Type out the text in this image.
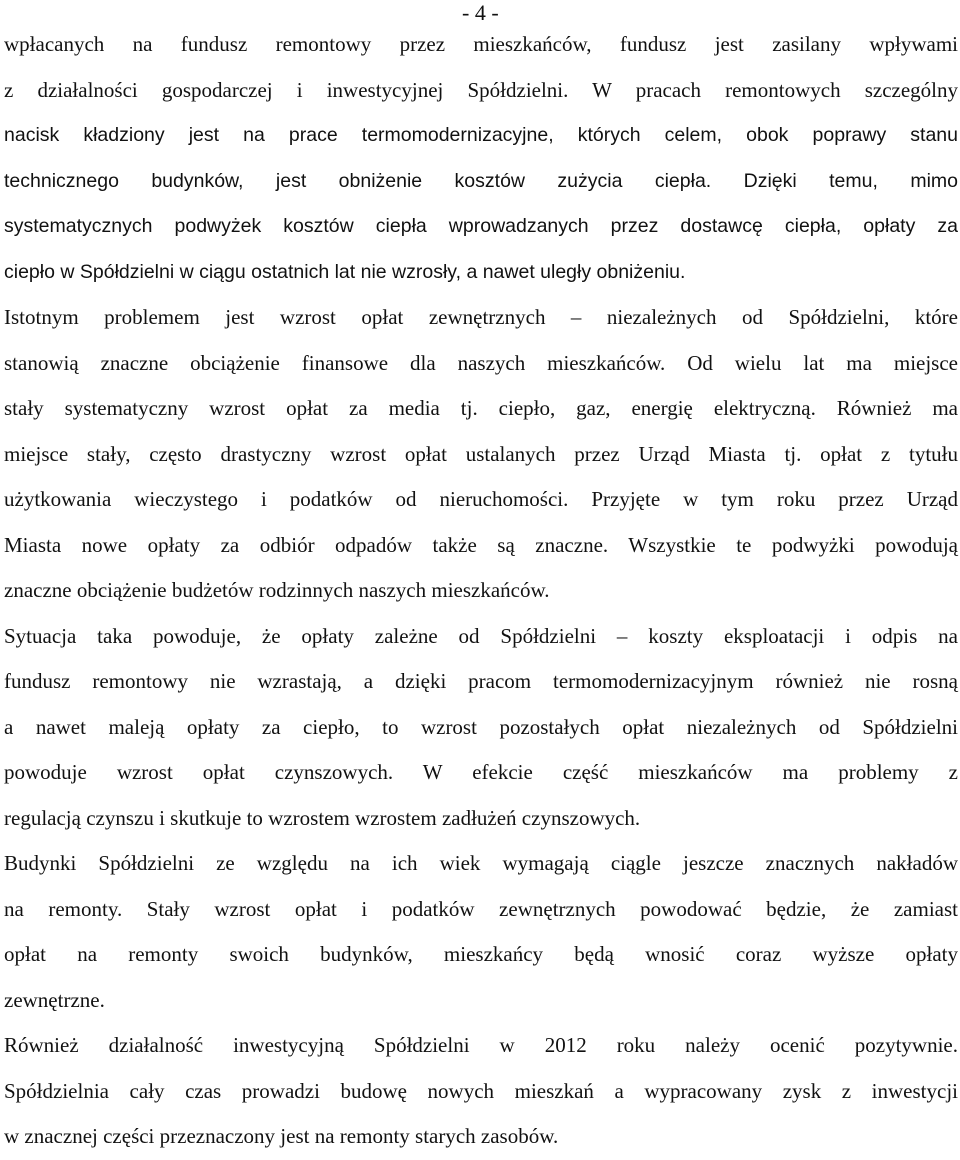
- 4 -
wpłacanych na fundusz remontowy przez mieszkańców, fundusz jest zasilany wpływami
z działalności gospodarczej i inwestycyjnej Spółdzielni. W pracach remontowych szczególny
nacisk kładziony jest na prace termomodernizacyjne, których celem, obok poprawy stanu
technicznego budynków, jest obniżenie kosztów zużycia ciepła. Dzięki temu, mimo
systematycznych podwyżek kosztów ciepła wprowadzanych przez dostawcę ciepła, opłaty za
ciepło w Spółdzielni w ciągu ostatnich lat nie wzrosły, a nawet uległy obniżeniu.
Istotnym problemem jest wzrost opłat zewnętrznych – niezależnych od Spółdzielni, które
stanowią znaczne obciążenie finansowe dla naszych mieszkańców. Od wielu lat ma miejsce
stały systematyczny wzrost opłat za media tj. ciepło, gaz, energię elektryczną. Również ma
miejsce stały, często drastyczny wzrost opłat ustalanych przez Urząd Miasta tj. opłat z tytułu
użytkowania wieczystego i podatków od nieruchomości. Przyjęte w tym roku przez Urząd
Miasta nowe opłaty za odbiór odpadów także są znaczne. Wszystkie te podwyżki powodują
znaczne obciążenie budżetów rodzinnych naszych mieszkańców.
Sytuacja taka powoduje, że opłaty zależne od Spółdzielni – koszty eksploatacji i odpis na
fundusz remontowy nie wzrastają, a dzięki pracom termomodernizacyjnym również nie rosną
a nawet maleją opłaty za ciepło, to wzrost pozostałych opłat niezależnych od Spółdzielni
powoduje wzrost opłat czynszowych. W efekcie część mieszkańców ma problemy z
regulacją czynszu i skutkuje to wzrostem wzrostem zadłużeń czynszowych.
Budynki Spółdzielni ze względu na ich wiek wymagają ciągle jeszcze znacznych nakładów
na remonty. Stały wzrost opłat i podatków zewnętrznych powodować będzie, że zamiast
opłat na remonty swoich budynków, mieszkańcy będą wnosić coraz wyższe opłaty
zewnętrzne.
Również działalność inwestycyjną Spółdzielni w 2012 roku należy ocenić pozytywnie.
Spółdzielnia cały czas prowadzi budowę nowych mieszkań a wypracowany zysk z inwestycji
w znacznej części przeznaczony jest na remonty starych zasobów.
